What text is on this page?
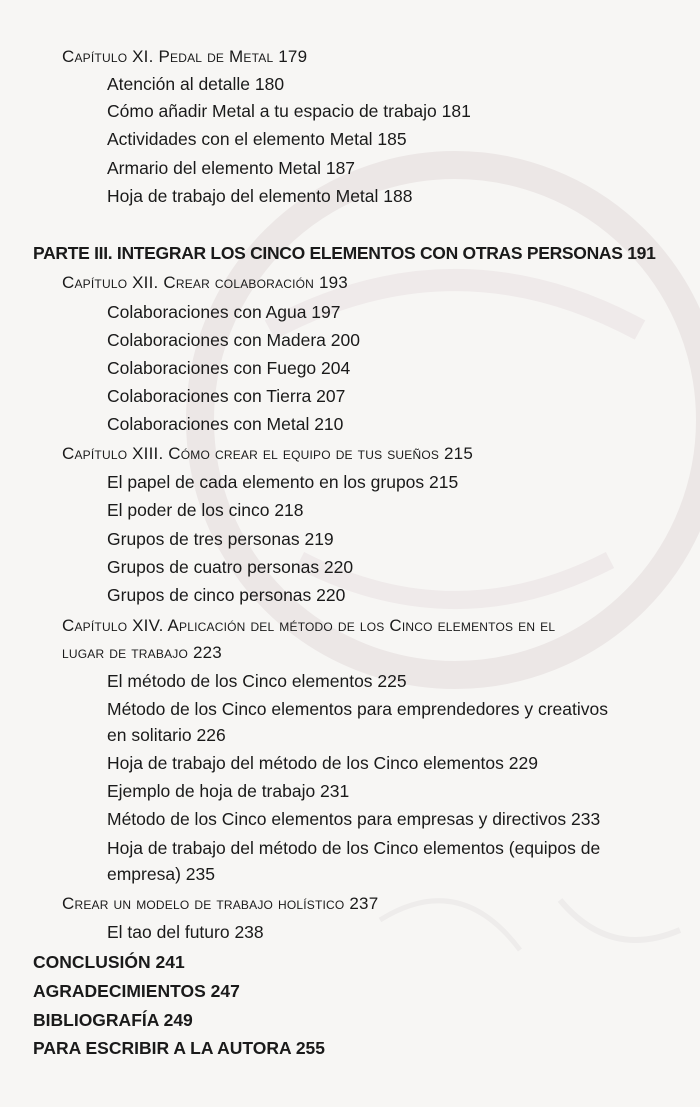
Capítulo XI. Pedal de Metal 179
Atención al detalle 180
Cómo añadir Metal a tu espacio de trabajo 181
Actividades con el elemento Metal 185
Armario del elemento Metal 187
Hoja de trabajo del elemento Metal 188
PARTE III. INTEGRAR LOS CINCO ELEMENTOS CON OTRAS PERSONAS 191
Capítulo XII. Crear colaboración 193
Colaboraciones con Agua 197
Colaboraciones con Madera 200
Colaboraciones con Fuego 204
Colaboraciones con Tierra 207
Colaboraciones con Metal 210
Capítulo XIII. Cómo crear el equipo de tus sueños 215
El papel de cada elemento en los grupos 215
El poder de los cinco 218
Grupos de tres personas 219
Grupos de cuatro personas 220
Grupos de cinco personas 220
Capítulo XIV. Aplicación del método de los Cinco elementos en el
lugar de trabajo 223
El método de los Cinco elementos 225
Método de los Cinco elementos para emprendedores y creativos
en solitario 226
Hoja de trabajo del método de los Cinco elementos 229
Ejemplo de hoja de trabajo 231
Método de los Cinco elementos para empresas y directivos 233
Hoja de trabajo del método de los Cinco elementos (equipos de
empresa) 235
Crear un modelo de trabajo holístico 237
El tao del futuro 238
CONCLUSIÓN 241
AGRADECIMIENTOS 247
BIBLIOGRAFÍA 249
PARA ESCRIBIR A LA AUTORA 255
